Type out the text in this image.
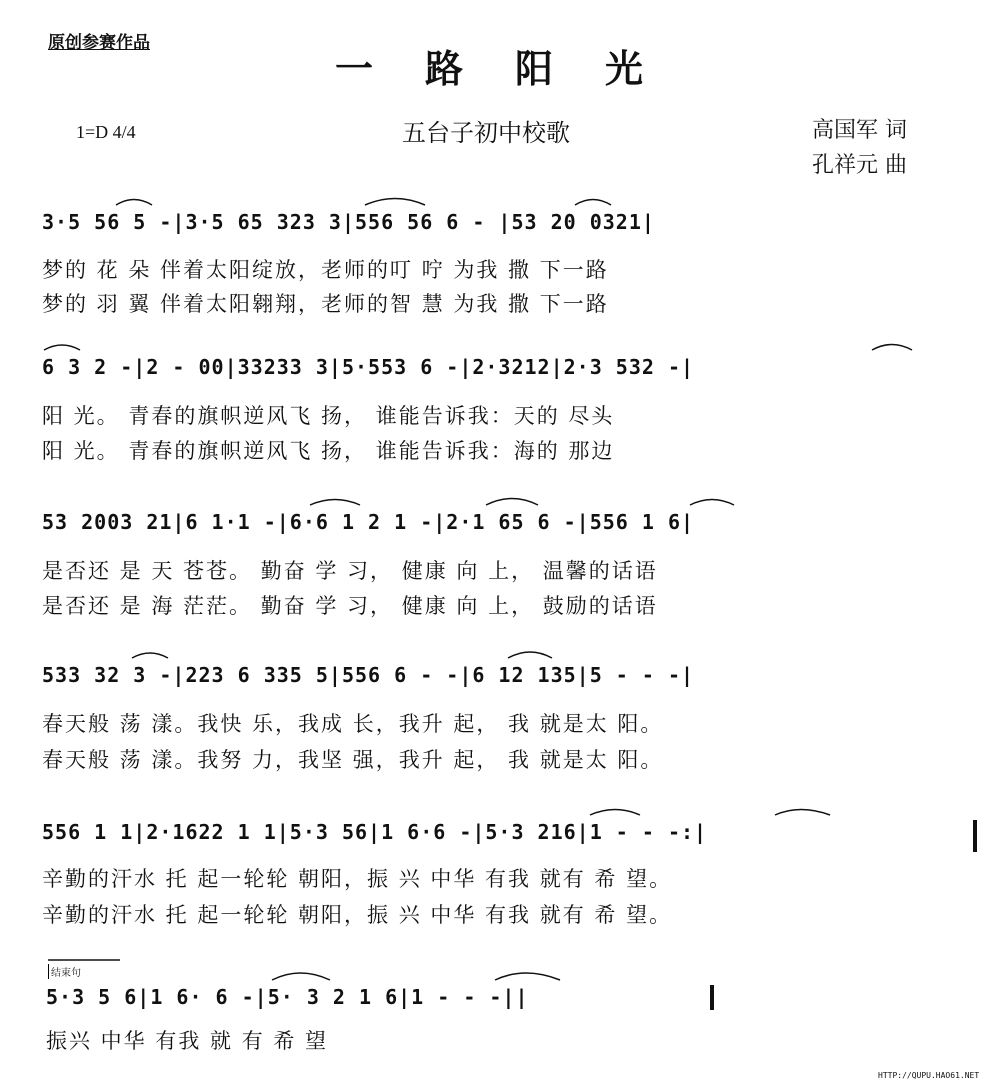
原创参赛作品
一路阳光
1=D 4/4	五台子初中校歌	高国军 词
孔祥元 曲
3·5 56 5 -|3·5 65 323 3|556 56 6 - |53 20 0321|
梦的 花 朵 伴着太阳绽放，老师的叮 咛 为我 撒 下一路
梦的 羽 翼 伴着太阳翱翔，老师的智 慧 为我 撒 下一路
6 3 2 -|2 - 00|33233 3|5·553 6 -|2·3212|2·3 532 -|
阳 光。 青春的旗帜逆风飞 扬， 谁能告诉我：天的 尽头
阳 光。 青春的旗帜逆风飞 扬， 谁能告诉我：海的 那边
53 2003 21|6 1·1 -|6·6 1 2 1 -|2·1 65 6 -|556 1 6|
是否还 是 天 苍苍。 勤奋 学 习， 健康 向 上， 温馨的话语
是否还 是 海 茫茫。 勤奋 学 习， 健康 向 上， 鼓励的话语
533 32 3 -|223 6 335 5|556 6 - -|6 12 135|5 - - -|
春天般 荡 漾。我快 乐，我成 长，我升 起， 我 就是太 阳。
春天般 荡 漾。我努 力，我坚 强，我升 起， 我 就是太 阳。
556 1 1|2·1622 1 1|5·3 56|1 6·6 -|5·3 216|1 - - -:|
辛勤的汗水 托 起一轮轮 朝阳，振 兴 中华 有我 就有 希 望。
辛勤的汗水 托 起一轮轮 朝阳，振 兴 中华 有我 就有 希 望。
结束句
5·3 5 6|1 6· 6 -|5· 3 2 1 6|1 - - -||
振兴 中华 有我 就 有 希 望
HTTP://QUPU.HAO61.NET
